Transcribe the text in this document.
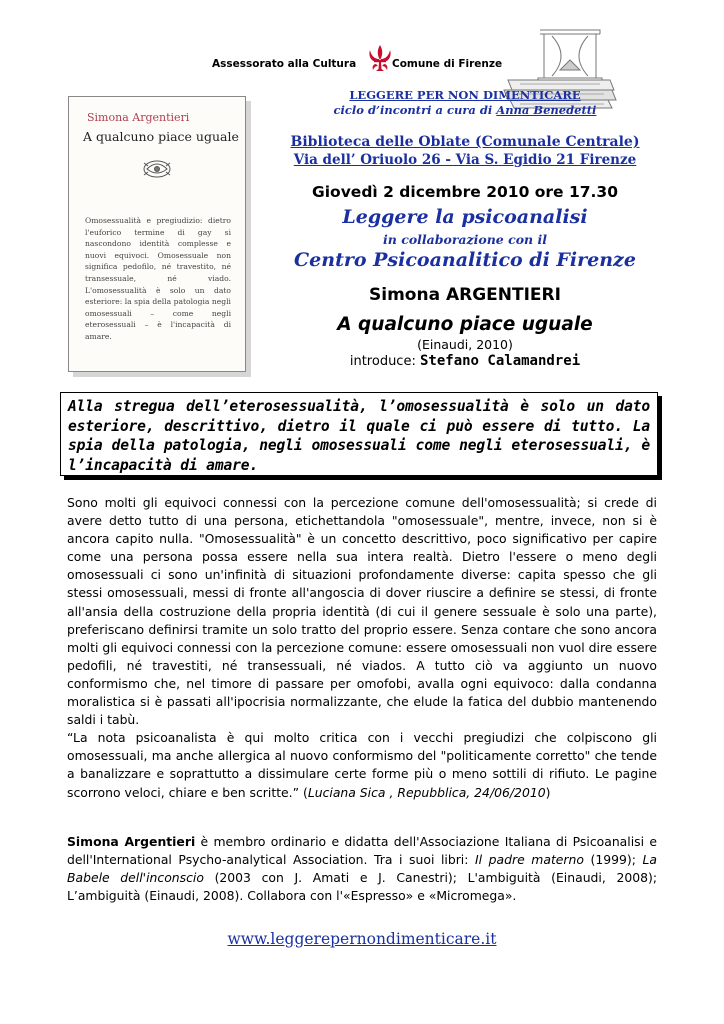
Assessorato alla Cultura	Comune di Firenze
Simona Argentieri
A qualcuno piace uguale
Omosessualità e pregiudizio: dietro l'euforico termine di gay si nascondono identità complesse e nuovi equivoci. Omosessuale non significa pedofilo, né travestito, né transessuale, né viado. L'omosessualità è solo un dato esteriore: la spia della patologia negli omosessuali – come negli eterosessuali – è l'incapacità di amare.
LEGGERE PER NON DIMENTICARE
ciclo d’incontri a cura di Anna Benedetti
Biblioteca delle Oblate (Comunale Centrale)
Via dell’ Oriuolo 26 - Via S. Egidio 21 Firenze
Giovedì 2 dicembre 2010 ore 17.30
Leggere la psicoanalisi
in collaborazione con il
Centro Psicoanalitico di Firenze
Simona ARGENTIERI
A qualcuno piace uguale
(Einaudi, 2010)
introduce: Stefano Calamandrei
Alla stregua dell’eterosessualità, l’omosessualità è solo un dato esteriore, descrittivo, dietro il quale ci può essere di tutto. La spia della patologia, negli omosessuali come negli eterosessuali, è l’incapacità di amare.

Sono molti gli equivoci connessi con la percezione comune dell'omosessualità; si crede di avere detto tutto di una persona, etichettandola "omosessuale", mentre, invece, non si è ancora capito nulla. "Omosessualità" è un concetto descrittivo, poco significativo per capire come una persona possa essere nella sua intera realtà. Dietro l'essere o meno degli omosessuali ci sono un'infinità di situazioni profondamente diverse: capita spesso che gli stessi omosessuali, messi di fronte all'angoscia di dover riuscire a definire se stessi, di fronte all'ansia della costruzione della propria identità (di cui il genere sessuale è solo una parte), preferiscano definirsi tramite un solo tratto del proprio essere. Senza contare che sono ancora molti gli equivoci connessi con la percezione comune: essere omosessuali non vuol dire essere pedofili, né travestiti, né transessuali, né viados. A tutto ciò va aggiunto un nuovo conformismo che, nel timore di passare per omofobi, avalla ogni equivoco: dalla condanna moralistica si è passati all'ipocrisia normalizzante, che elude la fatica del dubbio mantenendo saldi i tabù.

“La nota psicoanalista è qui molto critica con i vecchi pregiudizi che colpiscono gli omosessuali, ma anche allergica al nuovo conformismo del "politicamente corretto" che tende a banalizzare e soprattutto a dissimulare certe forme più o meno sottili di rifiuto. Le pagine scorrono veloci, chiare e ben scritte.” (Luciana Sica , Repubblica, 24/06/2010)

Simona Argentieri è membro ordinario e didatta dell'Associazione Italiana di Psicoanalisi e dell'International Psycho-analytical Association. Tra i suoi libri: Il padre materno (1999); La Babele dell'inconscio (2003 con J. Amati e J. Canestri); L'ambiguità (Einaudi, 2008); L’ambiguità (Einaudi, 2008). Collabora con l'«Espresso» e «Micromega».
www.leggerepernondimenticare.it
